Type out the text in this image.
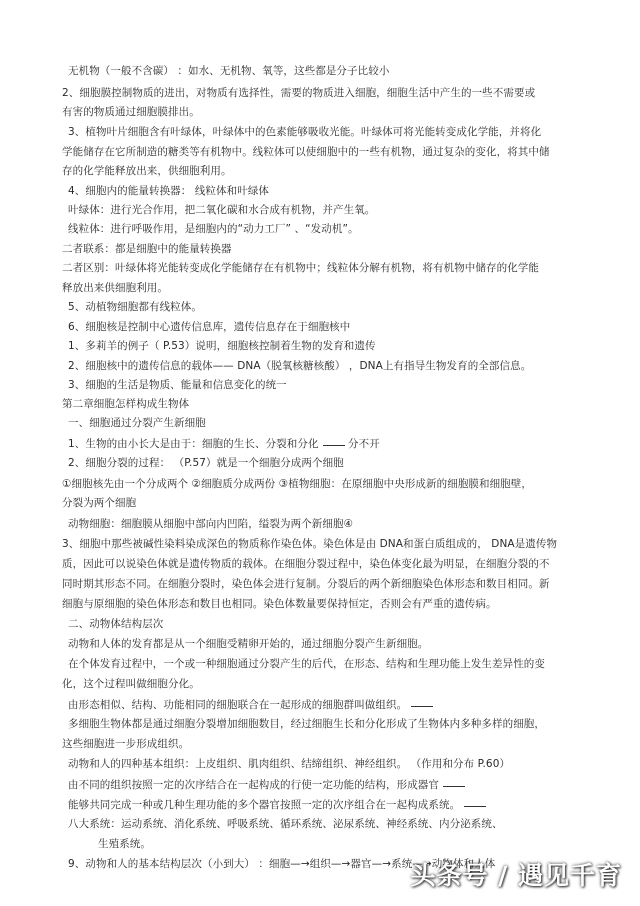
无机物（一般不含碳） ：如水、无机物、氧等，这些都是分子比较小
2、细胞膜控制物质的进出，对物质有选择性，需要的物质进入细胞，细胞生活中产生的一些不需要或
有害的物质通过细胞膜排出。
3、植物叶片细胞含有叶绿体，叶绿体中的色素能够吸收光能。叶绿体可将光能转变成化学能，并将化
学能储存在它所制造的糖类等有机物中。线粒体可以使细胞中的一些有机物，通过复杂的变化，将其中储
存的化学能释放出来，供细胞利用。
4、细胞内的能量转换器： 线粒体和叶绿体
叶绿体：进行光合作用，把二氧化碳和水合成有机物，并产生氧。
线粒体：进行呼吸作用，是细胞内的“动力工厂” 、“发动机”。
二者联系：都是细胞中的能量转换器
二者区别：叶绿体将光能转变成化学能储存在有机物中；线粒体分解有机物，将有机物中储存的化学能
释放出来供细胞利用。
5、动植物细胞都有线粒体。
6、细胞核是控制中心遗传信息库，遗传信息存在于细胞核中
1、多莉羊的例子（ P.53）说明，细胞核控制着生物的发育和遗传
2、细胞核中的遗传信息的载体—— DNA（脱氧核糖核酸） ，DNA上有指导生物发育的全部信息。
3、细胞的生活是物质、能量和信息变化的统一
第二章细胞怎样构成生物体
一、细胞通过分裂产生新细胞
1、生物的由小长大是由于：细胞的生长、分裂和分化 分不开
2、细胞分裂的过程： （P.57）就是一个细胞分成两个细胞
①细胞核先由一个分成两个 ②细胞质分成两份 ③植物细胞：在原细胞中央形成新的细胞膜和细胞壁，
分裂为两个细胞
动物细胞：细胞膜从细胞中部向内凹陷，缢裂为两个新细胞④
3、细胞中那些被碱性染料染成深色的物质称作染色体。染色体是由 DNA和蛋白质组成的， DNA是遗传物
质，因此可以说染色体就是遗传物质的载体。在细胞分裂过程中，染色体变化最为明显，在细胞分裂的不
同时期其形态不同。在细胞分裂时，染色体会进行复制。分裂后的两个新细胞染色体形态和数目相同。新
细胞与原细胞的染色体形态和数目也相同。染色体数量要保持恒定，否则会有严重的遗传病。
二、动物体结构层次
动物和人体的发育都是从一个细胞受精卵开始的，通过细胞分裂产生新细胞。
在个体发育过程中，一个或一种细胞通过分裂产生的后代，在形态、结构和生理功能上发生差异性的变
化，这个过程叫做细胞分化。
由形态相似、结构、功能相同的细胞联合在一起形成的细胞群叫做组织。
多细胞生物体都是通过细胞分裂增加细胞数目，经过细胞生长和分化形成了生物体内多种多样的细胞，
这些细胞进一步形成组织。
动物和人的四种基本组织：上皮组织、肌肉组织、结缔组织、神经组织。 （作用和分布 P.60）
由不同的组织按照一定的次序结合在一起构成的行使一定功能的结构，形成器官
能够共同完成一种或几种生理功能的多个器官按照一定的次序组合在一起构成系统。
八大系统：运动系统、消化系统、呼吸系统、循环系统、泌尿系统、神经系统、内分泌系统、
生殖系统。
9、动物和人的基本结构层次（小到大） ：细胞—→组织—→器官—→系统—→动物体和人体
头条号 / 遇见千育
